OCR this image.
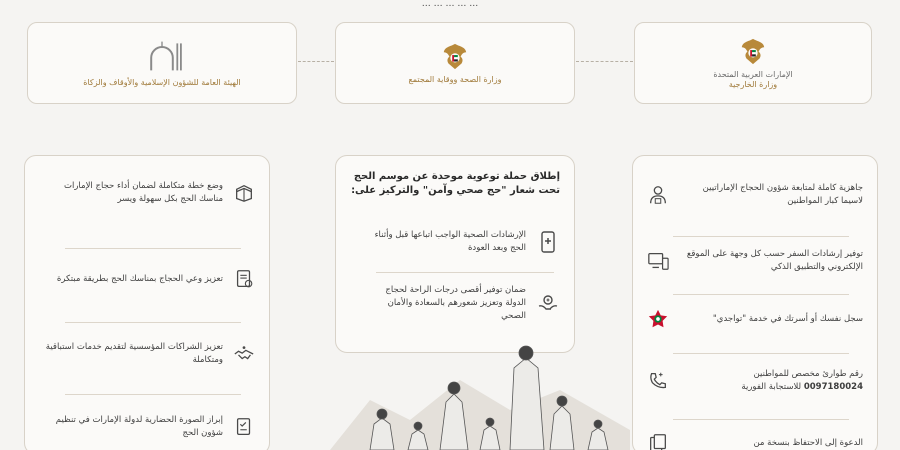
… … … … …
الهيئة العامة للشؤون الإسلامية والأوقاف والزكاة	وزارة الصحة ووقاية المجتمع
الإمارات العربية المتحدة
وزارة الخارجية
وضع خطة متكاملة لضمان أداء حجاج الإمارات مناسك الحج بكل سهولة ويسر
تعزيز وعي الحجاج بمناسك الحج بطريقة مبتكرة
تعزيز الشراكات المؤسسية لتقديم خدمات استباقية ومتكاملة
إبراز الصورة الحضارية لدولة الإمارات في تنظيم شؤون الحج
إطلاق حملة توعوية موحدة عن موسم الحج تحت شعار "حج صحي وآمن" والتركيز على:
الإرشادات الصحية الواجب اتباعها قبل وأثناء الحج وبعد العودة
ضمان توفير أقصى درجات الراحة لحجاج الدولة وتعزيز شعورهم بالسعادة والأمان الصحي
جاهزية كاملة لمتابعة شؤون الحجاج الإماراتيين لاسيما كبار المواطنين
توفير إرشادات السفر حسب كل وجهة على الموقع الإلكتروني والتطبيق الذكي
سجل نفسك أو أسرتك في خدمة "تواجدي"
رقم طوارئ مخصص للمواطنين
0097180024 للاستجابة الفورية
الدعوة إلى الاحتفاظ بنسخة من
